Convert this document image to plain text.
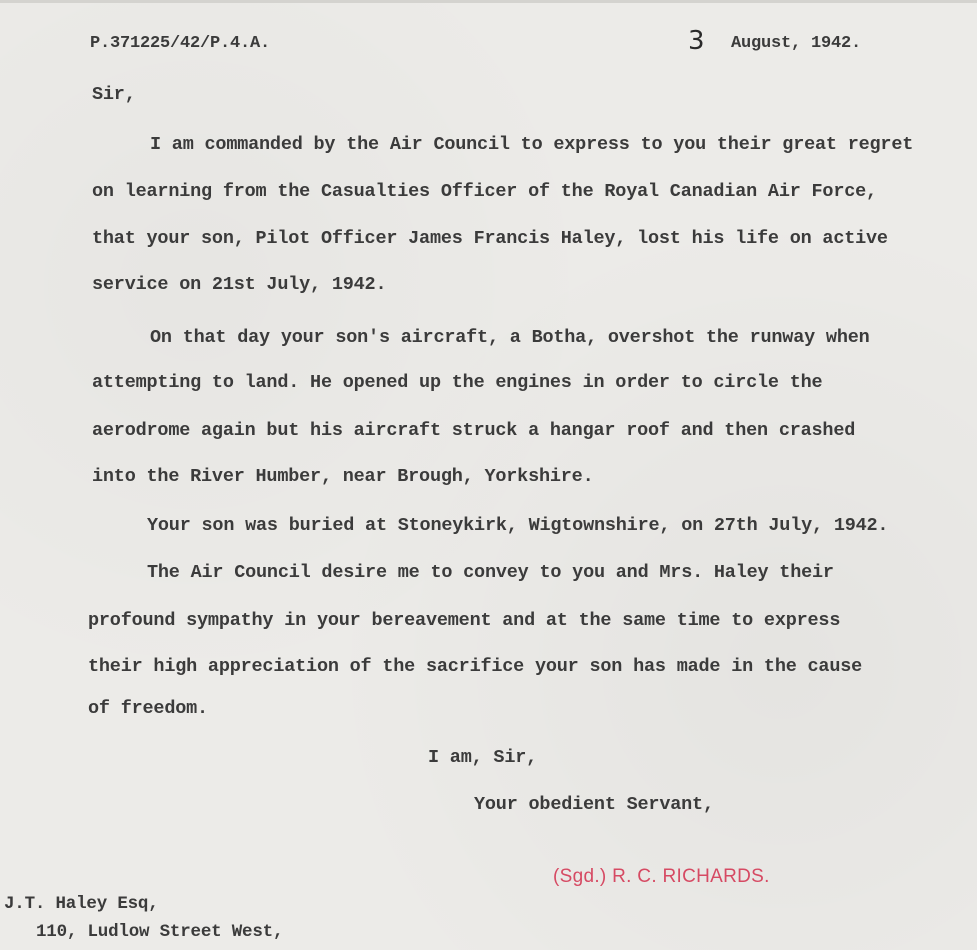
P.371225/42/P.4.A.	3 August, 1942.
Sir,
I am commanded by the Air Council to express to you their great regret
on learning from the Casualties Officer of the Royal Canadian Air Force,
that your son, Pilot Officer James Francis Haley, lost his life on active
service on 21st July, 1942.
On that day your son's aircraft, a Botha, overshot the runway when
attempting to land. He opened up the engines in order to circle the
aerodrome again but his aircraft struck a hangar roof and then crashed
into the River Humber, near Brough, Yorkshire.
Your son was buried at Stoneykirk, Wigtownshire, on 27th July, 1942.
The Air Council desire me to convey to you and Mrs. Haley their
profound sympathy in your bereavement and at the same time to express
their high appreciation of the sacrifice your son has made in the cause
of freedom.
I am, Sir,
Your obedient Servant,
(Sgd.) R. C. RICHARDS.
J.T. Haley Esq,
110, Ludlow Street West,
